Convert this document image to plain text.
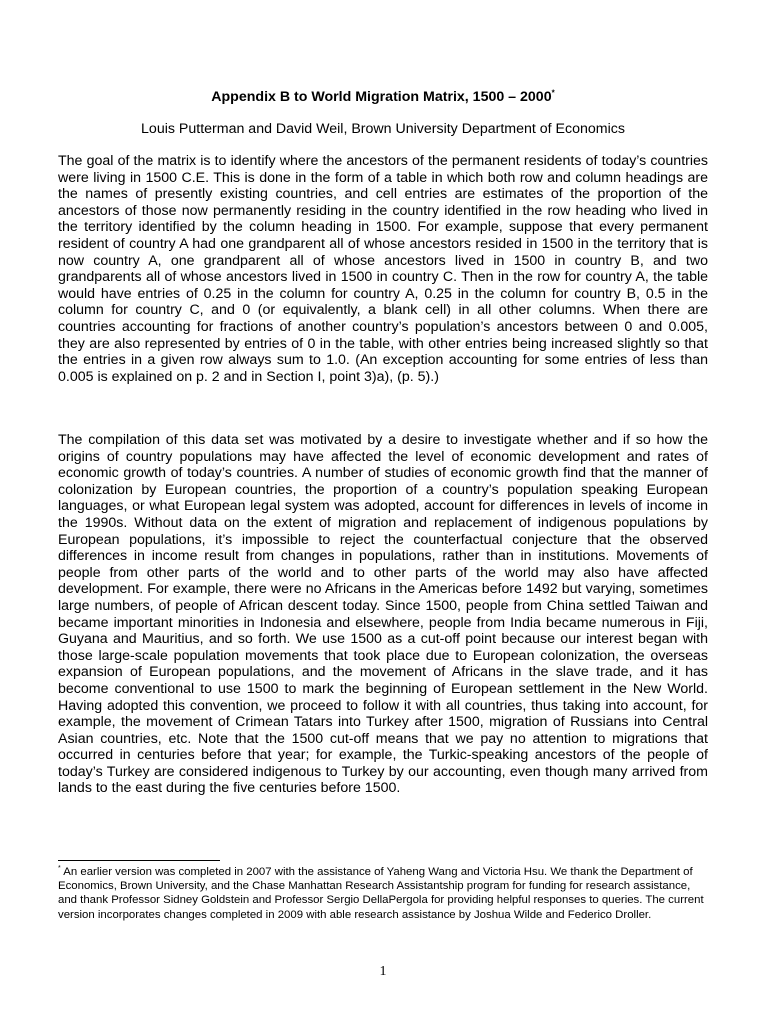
Appendix B to World Migration Matrix, 1500 – 2000*
Louis Putterman and David Weil, Brown University Department of Economics

The goal of the matrix is to identify where the ancestors of the permanent residents of today’s countries were living in 1500 C.E. This is done in the form of a table in which both row and column headings are the names of presently existing countries, and cell entries are estimates of the proportion of the ancestors of those now permanently residing in the country identified in the row heading who lived in the territory identified by the column heading in 1500. For example, suppose that every permanent resident of country A had one grandparent all of whose ancestors resided in 1500 in the territory that is now country A, one grandparent all of whose ancestors lived in 1500 in country B, and two grandparents all of whose ancestors lived in 1500 in country C. Then in the row for country A, the table would have entries of 0.25 in the column for country A, 0.25 in the column for country B, 0.5 in the column for country C, and 0 (or equivalently, a blank cell) in all other columns. When there are countries accounting for fractions of another country’s population’s ancestors between 0 and 0.005, they are also represented by entries of 0 in the table, with other entries being increased slightly so that the entries in a given row always sum to 1.0. (An exception accounting for some entries of less than 0.005 is explained on p. 2 and in Section I, point 3)a), (p. 5).)

The compilation of this data set was motivated by a desire to investigate whether and if so how the origins of country populations may have affected the level of economic development and rates of economic growth of today’s countries. A number of studies of economic growth find that the manner of colonization by European countries, the proportion of a country’s population speaking European languages, or what European legal system was adopted, account for differences in levels of income in the 1990s. Without data on the extent of migration and replacement of indigenous populations by European populations, it’s impossible to reject the counterfactual conjecture that the observed differences in income result from changes in populations, rather than in institutions. Movements of people from other parts of the world and to other parts of the world may also have affected development. For example, there were no Africans in the Americas before 1492 but varying, sometimes large numbers, of people of African descent today. Since 1500, people from China settled Taiwan and became important minorities in Indonesia and elsewhere, people from India became numerous in Fiji, Guyana and Mauritius, and so forth. We use 1500 as a cut-off point because our interest began with those large-scale population movements that took place due to European colonization, the overseas expansion of European populations, and the movement of Africans in the slave trade, and it has become conventional to use 1500 to mark the beginning of European settlement in the New World. Having adopted this convention, we proceed to follow it with all countries, thus taking into account, for example, the movement of Crimean Tatars into Turkey after 1500, migration of Russians into Central Asian countries, etc. Note that the 1500 cut-off means that we pay no attention to migrations that occurred in centuries before that year; for example, the Turkic-speaking ancestors of the people of today’s Turkey are considered indigenous to Turkey by our accounting, even though many arrived from lands to the east during the five centuries before 1500.

* An earlier version was completed in 2007 with the assistance of Yaheng Wang and Victoria Hsu. We thank the Department of Economics, Brown University, and the Chase Manhattan Research Assistantship program for funding for research assistance, and thank Professor Sidney Goldstein and Professor Sergio DellaPergola for providing helpful responses to queries. The current version incorporates changes completed in 2009 with able research assistance by Joshua Wilde and Federico Droller.

1
